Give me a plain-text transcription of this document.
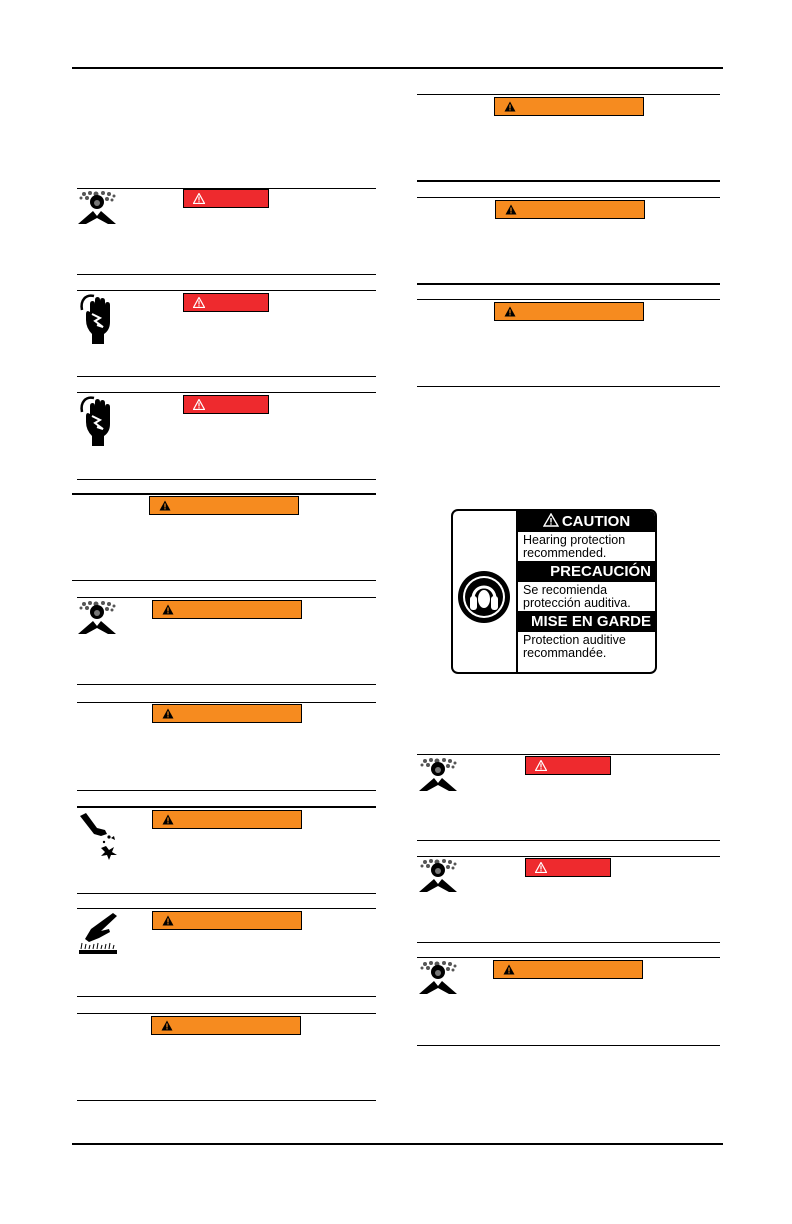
CAUTION
Hearing protection
recommended.
PRECAUCIÓN
Se recomienda
protección auditiva.
MISE EN GARDE
Protection auditive
recommandée.
